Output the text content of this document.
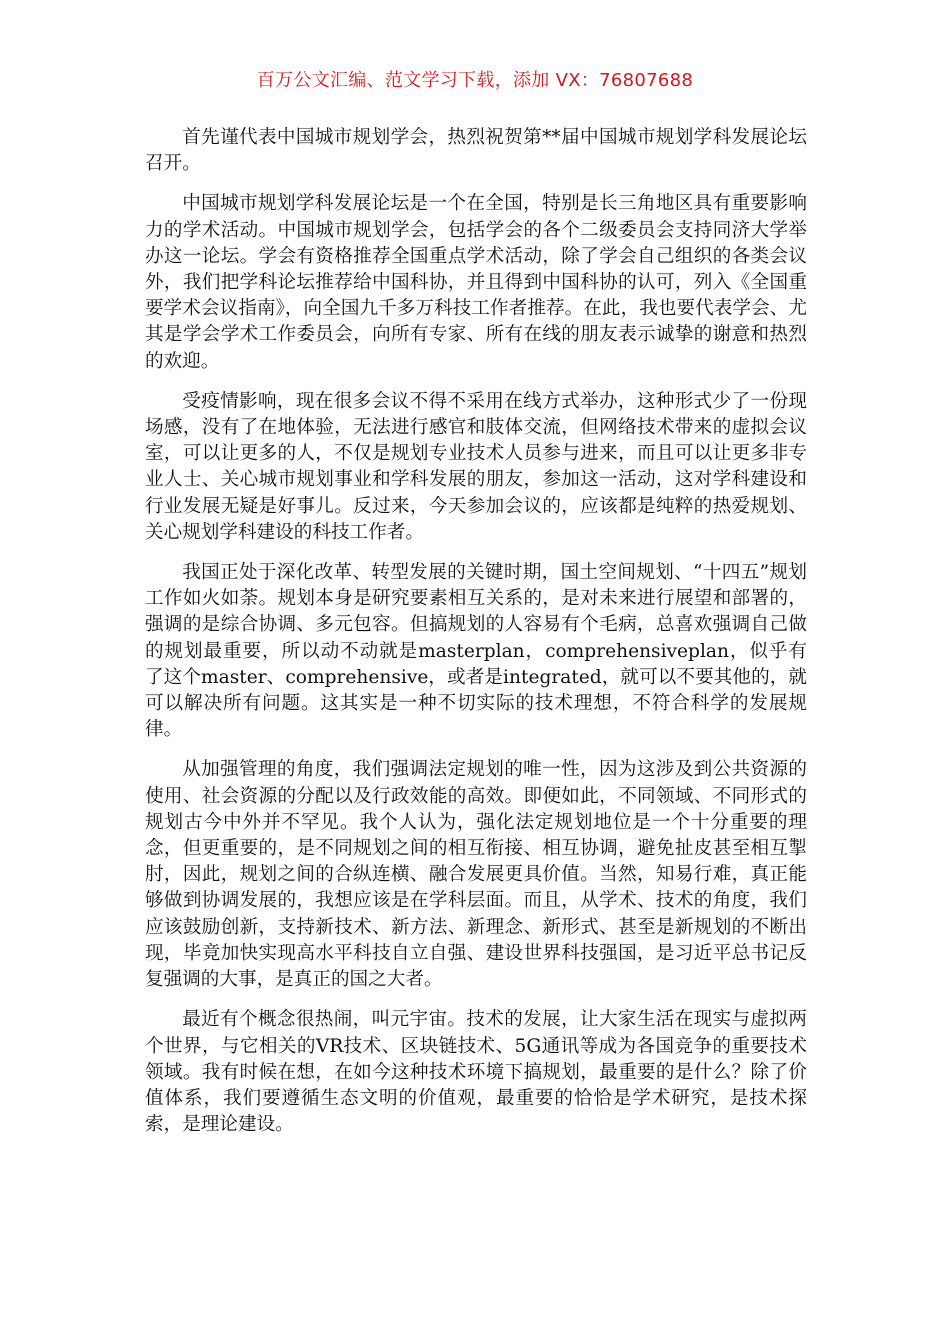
百万公文汇编、范文学习下载，添加 VX：76807688

首先谨代表中国城市规划学会，热烈祝贺第**届中国城市规划学科发展论坛召开。

中国城市规划学科发展论坛是一个在全国，特别是长三角地区具有重要影响力的学术活动。中国城市规划学会，包括学会的各个二级委员会支持同济大学举办这一论坛。学会有资格推荐全国重点学术活动，除了学会自己组织的各类会议外，我们把学科论坛推荐给中国科协，并且得到中国科协的认可，列入《全国重要学术会议指南》，向全国九千多万科技工作者推荐。在此，我也要代表学会、尤其是学会学术工作委员会，向所有专家、所有在线的朋友表示诚挚的谢意和热烈的欢迎。

受疫情影响，现在很多会议不得不采用在线方式举办，这种形式少了一份现场感，没有了在地体验，无法进行感官和肢体交流，但网络技术带来的虚拟会议室，可以让更多的人，不仅是规划专业技术人员参与进来，而且可以让更多非专业人士、关心城市规划事业和学科发展的朋友，参加这一活动，这对学科建设和行业发展无疑是好事儿。反过来，今天参加会议的，应该都是纯粹的热爱规划、关心规划学科建设的科技工作者。

我国正处于深化改革、转型发展的关键时期，国土空间规划、“十四五”规划工作如火如荼。规划本身是研究要素相互关系的，是对未来进行展望和部署的，强调的是综合协调、多元包容。但搞规划的人容易有个毛病，总喜欢强调自己做的规划最重要，所以动不动就是masterplan，comprehensiveplan，似乎有了这个master、comprehensive，或者是integrated，就可以不要其他的，就可以解决所有问题。这其实是一种不切实际的技术理想，不符合科学的发展规律。

从加强管理的角度，我们强调法定规划的唯一性，因为这涉及到公共资源的使用、社会资源的分配以及行政效能的高效。即便如此，不同领域、不同形式的规划古今中外并不罕见。我个人认为，强化法定规划地位是一个十分重要的理念，但更重要的，是不同规划之间的相互衔接、相互协调，避免扯皮甚至相互掣肘，因此，规划之间的合纵连横、融合发展更具价值。当然，知易行难，真正能够做到协调发展的，我想应该是在学科层面。而且，从学术、技术的角度，我们应该鼓励创新，支持新技术、新方法、新理念、新形式、甚至是新规划的不断出现，毕竟加快实现高水平科技自立自强、建设世界科技强国，是习近平总书记反复强调的大事，是真正的国之大者。

最近有个概念很热闹，叫元宇宙。技术的发展，让大家生活在现实与虚拟两个世界，与它相关的VR技术、区块链技术、5G通讯等成为各国竞争的重要技术领域。我有时候在想，在如今这种技术环境下搞规划，最重要的是什么？除了价值体系，我们要遵循生态文明的价值观，最重要的恰恰是学术研究，是技术探索，是理论建设。
